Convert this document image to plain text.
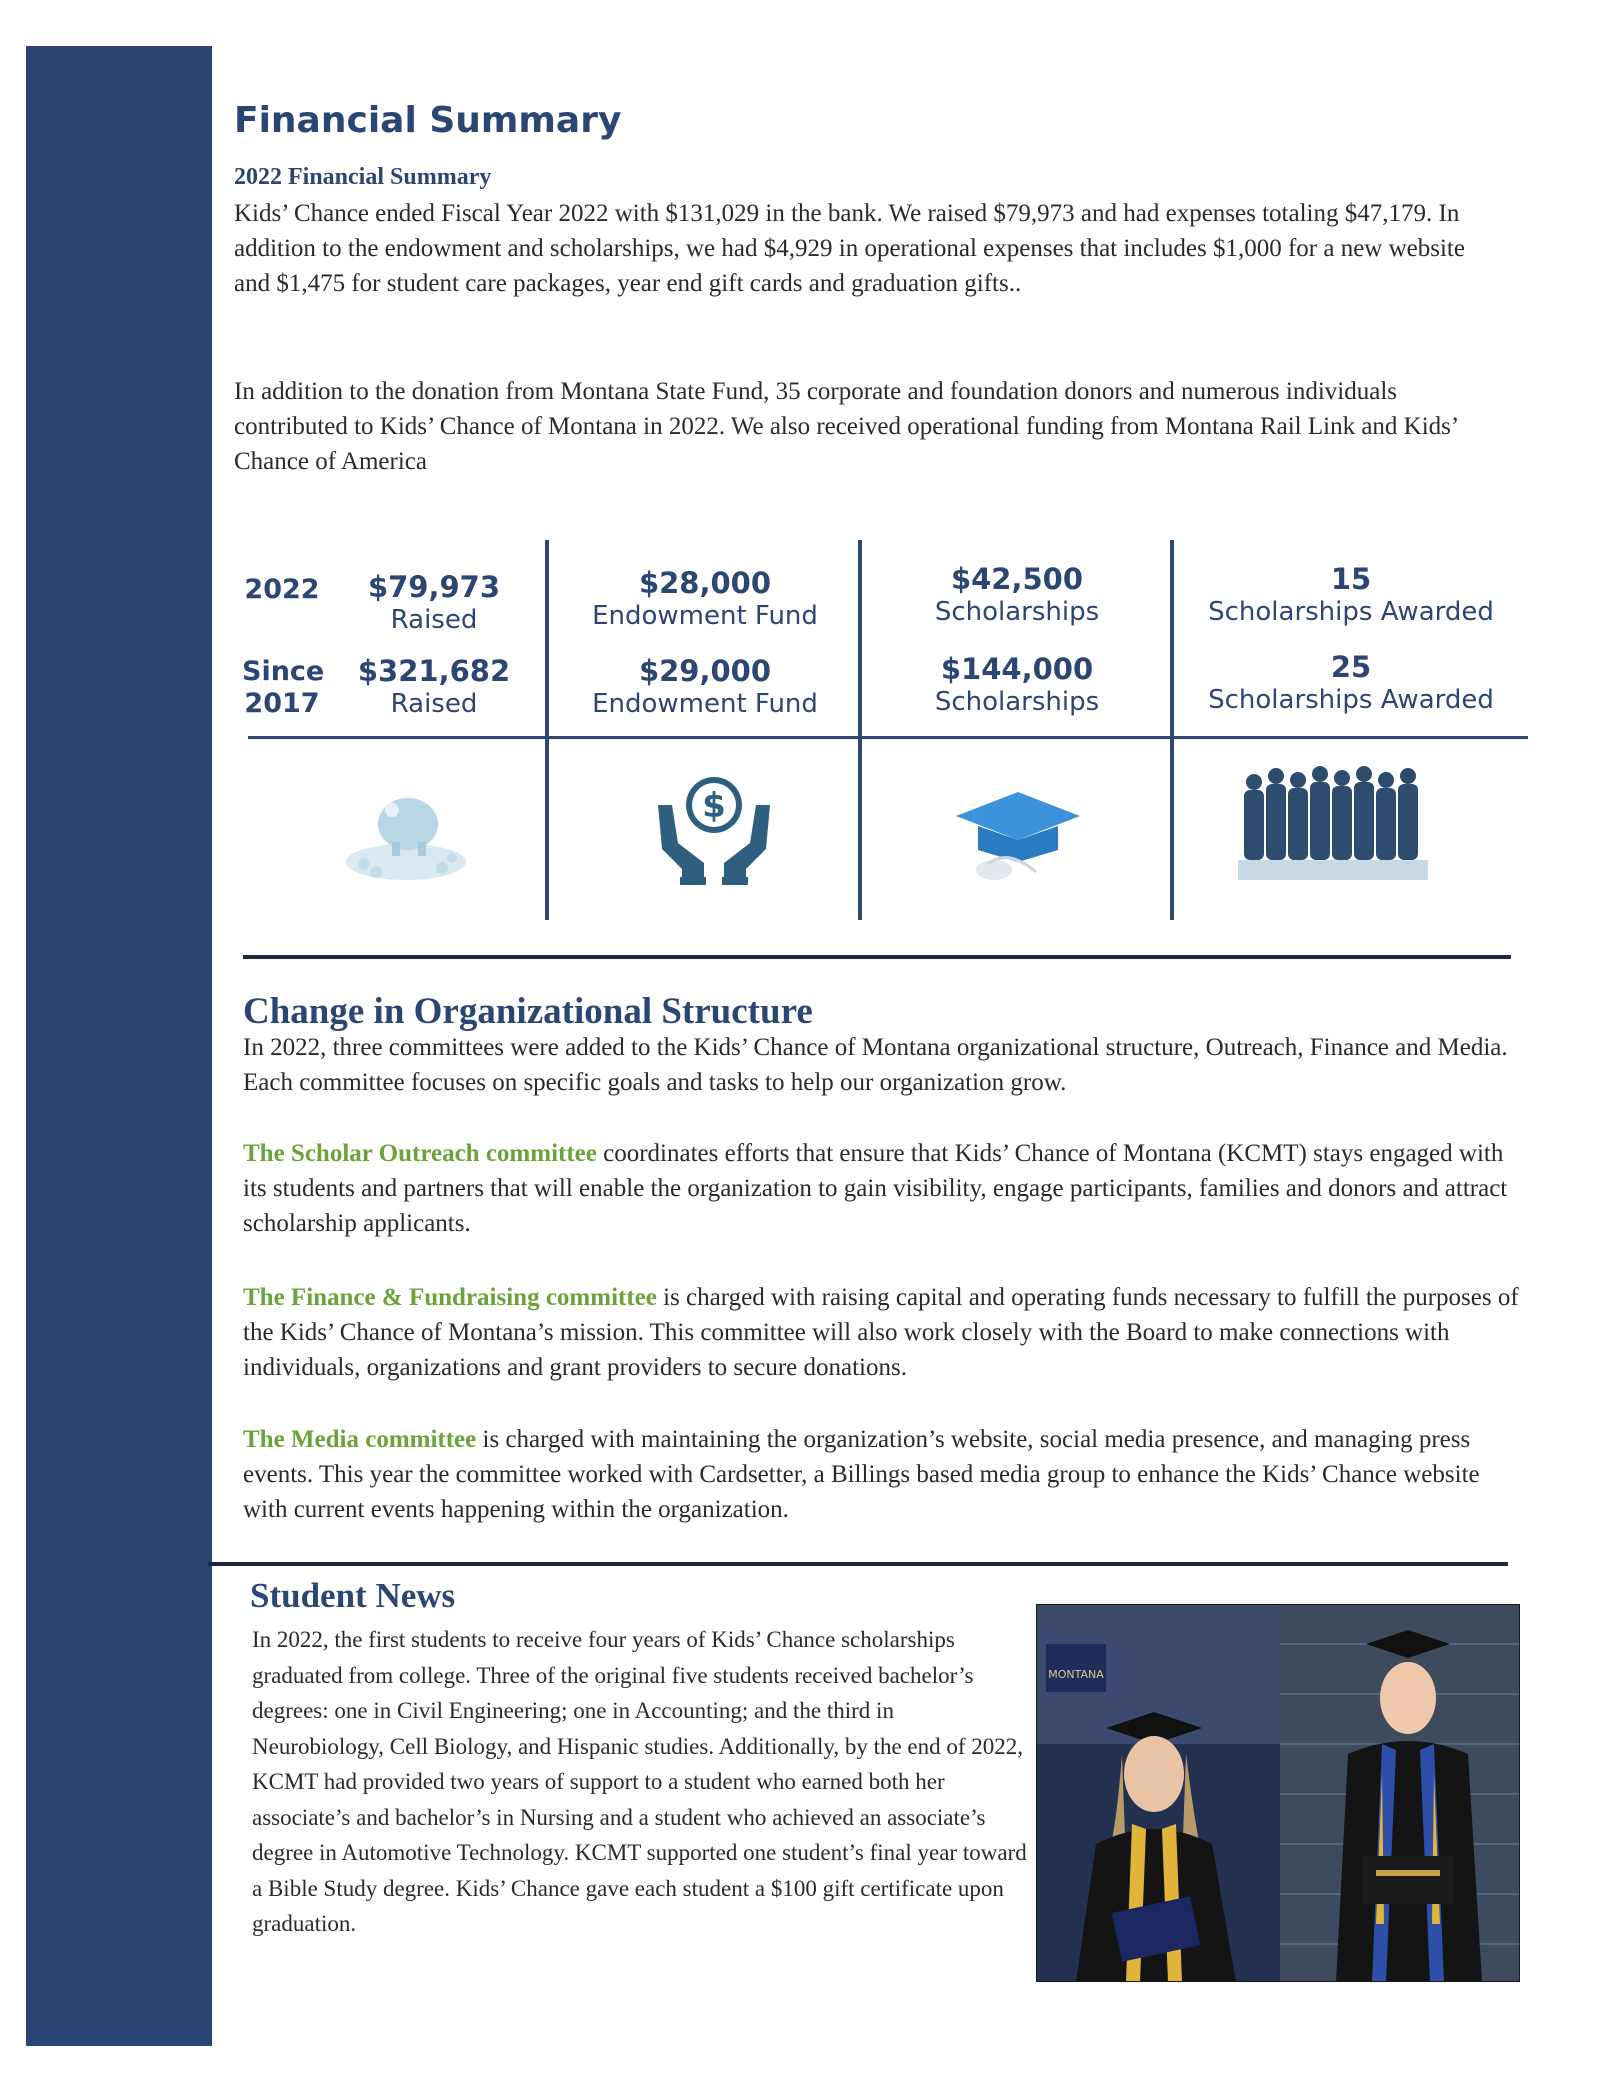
Financial Summary
2022 Financial Summary

Kids’ Chance ended Fiscal Year 2022 with $131,029 in the bank. We raised $79,973 and had expenses totaling $47,179. In addition to the endowment and scholarships, we had $4,929 in operational expenses that includes $1,000 for a new website and $1,475 for student care packages, year end gift cards and graduation gifts..

In addition to the donation from Montana State Fund, 35 corporate and foundation donors and numerous individuals contributed to Kids’ Chance of Montana in 2022. We also received operational funding from Montana Rail Link and Kids’ Chance of America

2022	$79,973
Raised
$28,000
Endowment Fund
$42,500
Scholarships
15
Scholarships Awarded
Since
2017
$321,682
Raised
$29,000
Endowment Fund
$144,000
Scholarships
25
Scholarships Awarded
$
Change in Organizational Structure

In 2022, three committees were added to the Kids’ Chance of Montana organizational structure, Outreach, Finance and Media. Each committee focuses on specific goals and tasks to help our organization grow.

The Scholar Outreach committee coordinates efforts that ensure that Kids’ Chance of Montana (KCMT) stays engaged with its students and partners that will enable the organization to gain visibility, engage participants, families and donors and attract scholarship applicants.

The Finance & Fundraising committee is charged with raising capital and operating funds necessary to fulfill the purposes of the Kids’ Chance of Montana’s mission. This committee will also work closely with the Board to make connections with individuals, organizations and grant providers to secure donations.

The Media committee is charged with maintaining the organization’s website, social media presence, and managing press events. This year the committee worked with Cardsetter, a Billings based media group to enhance the Kids’ Chance website with current events happening within the organization.

Student News

In 2022, the first students to receive four years of Kids’ Chance scholarships graduated from college. Three of the original five students received bachelor’s degrees: one in Civil Engineering; one in Accounting; and the third in Neurobiology, Cell Biology, and Hispanic studies. Additionally, by the end of 2022, KCMT had provided two years of support to a student who earned both her associate’s and bachelor’s in Nursing and a student who achieved an associate’s degree in Automotive Technology. KCMT supported one student’s final year toward a Bible Study degree. Kids’ Chance gave each student a $100 gift certificate upon graduation.

MONTANA
